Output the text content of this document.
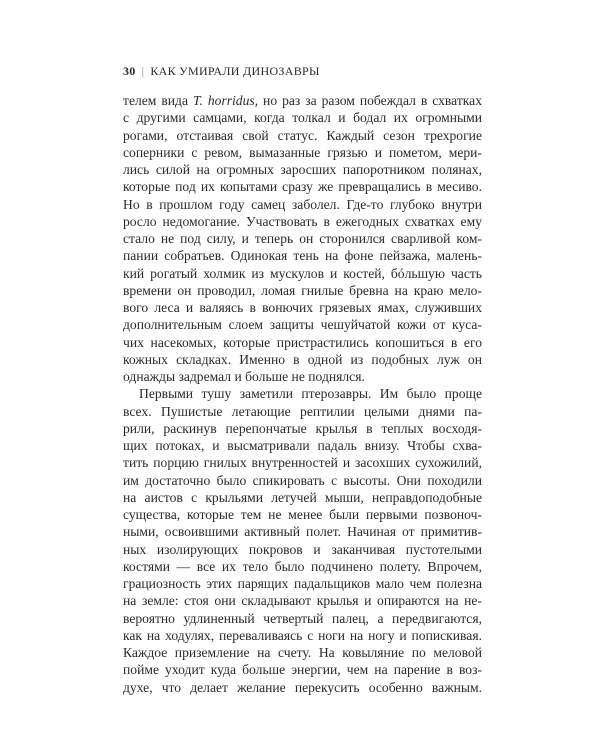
30 | КАК УМИРАЛИ ДИНОЗАВРЫ
телем вида T. horridus, но раз за разом побеждал в схватках
с другими самцами, когда толкал и бодал их огромными
рогами, отстаивая свой статус. Каждый сезон трехрогие
соперники с ревом, вымазанные грязью и пометом, мери-
лись силой на огромных заросших папоротником полянах,
которые под их копытами сразу же превращались в месиво.
Но в прошлом году самец заболел. Где-то глубоко внутри
росло недомогание. Участвовать в ежегодных схватках ему
стало не под силу, и теперь он сторонился сварливой ком-
пании собратьев. Одинокая тень на фоне пейзажа, малень-
кий рогатый холмик из мускулов и костей, бóльшую часть
времени он проводил, ломая гнилые бревна на краю мело-
вого леса и валяясь в вонючих грязевых ямах, служивших
дополнительным слоем защиты чешуйчатой кожи от куса-
чих насекомых, которые пристрастились копошиться в его
кожных складках. Именно в одной из подобных луж он
однажды задремал и больше не поднялся.
Первыми тушу заметили птерозавры. Им было проще
всех. Пушистые летающие рептилии целыми днями па-
рили, раскинув перепончатые крылья в теплых восходя-
щих потоках, и высматривали падаль внизу. Чтобы схва-
тить порцию гнилых внутренностей и засохших сухожилий,
им достаточно было спикировать с высоты. Они походили
на аистов с крыльями летучей мыши, неправдоподобные
существа, которые тем не менее были первыми позвоноч-
ными, освоившими активный полет. Начиная от примитив-
ных изолирующих покровов и заканчивая пустотелыми
костями — все их тело было подчинено полету. Впрочем,
грациозность этих парящих падальщиков мало чем полезна
на земле: стоя они складывают крылья и опираются на не-
вероятно удлиненный четвертый палец, а передвигаются,
как на ходулях, переваливаясь с ноги на ногу и попискивая.
Каждое приземление на счету. На ковыляние по меловой
пойме уходит куда больше энергии, чем на парение в воз-
духе, что делает желание перекусить особенно важным.
